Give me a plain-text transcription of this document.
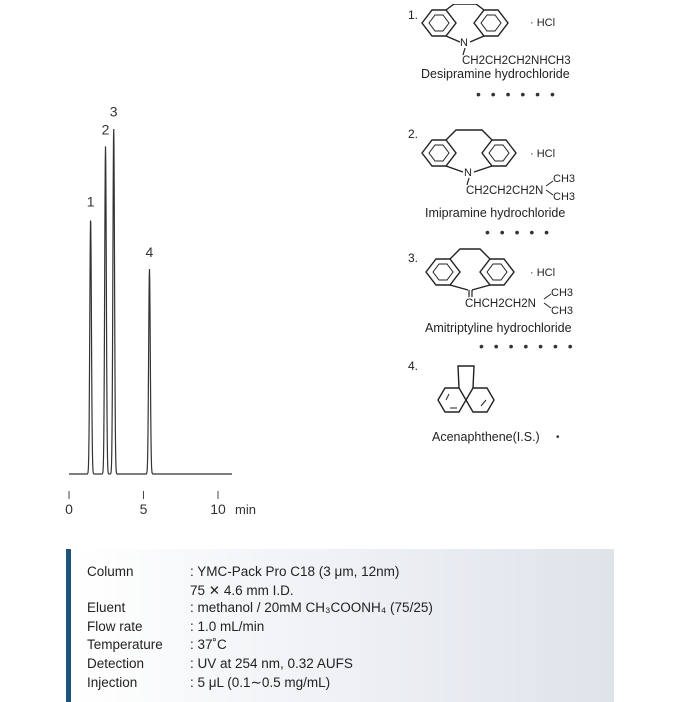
1
2
3
4
0	5	10 min
1.
N
· HCl
CH2CH2CH2NHCH3
Desipramine hydrochloride
• • • • • •
2.
N
· HCl
CH2CH2CH2N
CH3
CH3
Imipramine hydrochloride
• • • • •
3.
· HCl
CHCH2CH2N
CH3
CH3
Amitriptyline hydrochloride
• • • • • • •
4.
Acenaphthene(I.S.) •
Column	: YMC-Pack Pro C18 (3 μm, 12nm)
75 ✕ 4.6 mm I.D.
Eluent	: methanol / 20mM CH₃COONH₄ (75/25)
Flow rate	: 1.0 mL/min
Temperature : 37˚C
Detection	: UV at 254 nm, 0.32 AUFS
Injection	: 5 μL (0.1∼0.5 mg/mL)
